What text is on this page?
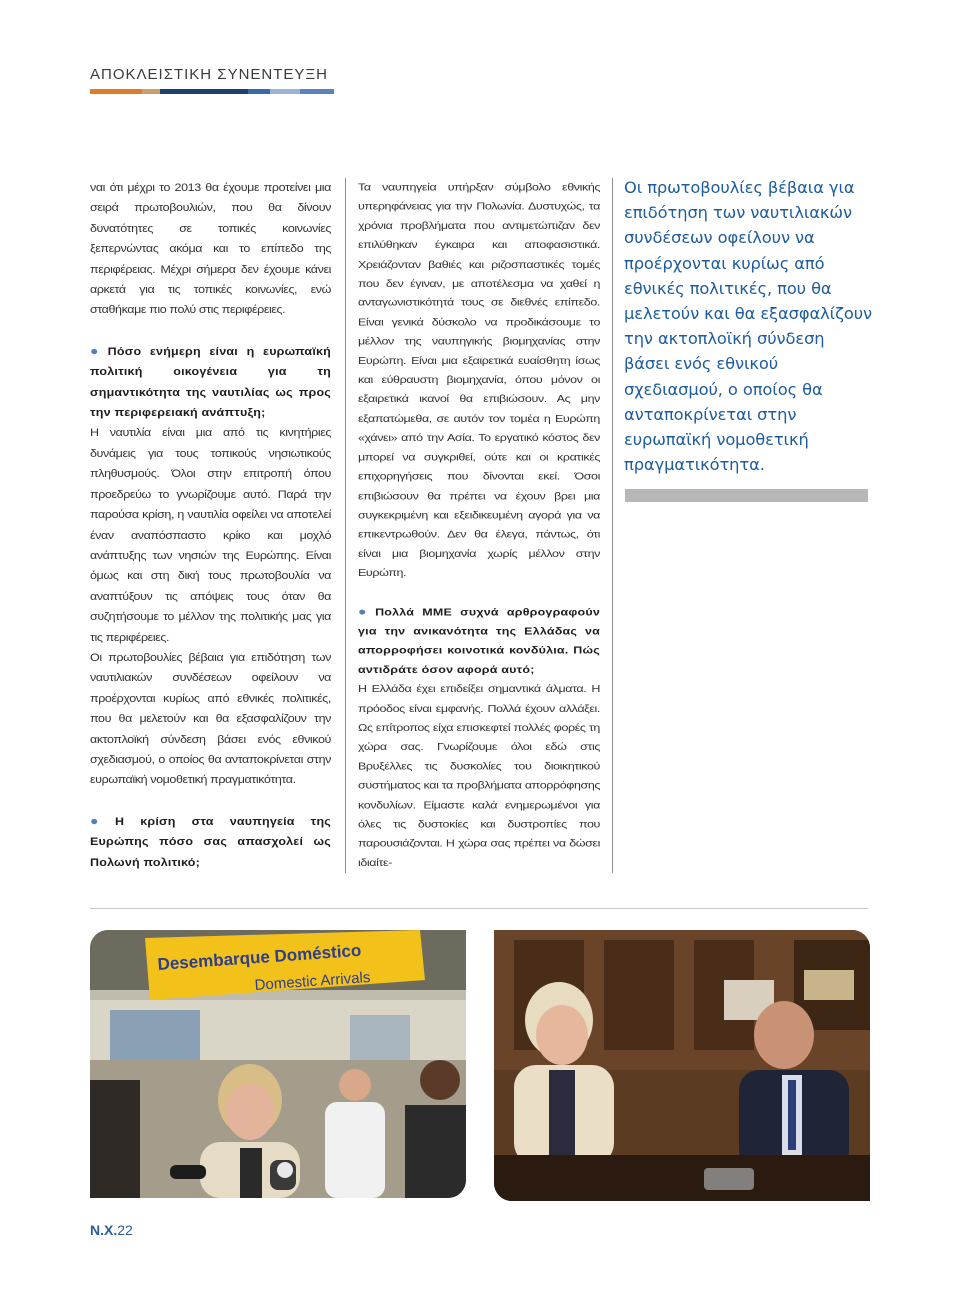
ΑΠΟΚΛΕΙΣΤΙΚΗ ΣΥΝΕΝΤΕΥΞΗ

ναι ότι μέχρι το 2013 θα έχουμε προτείνει μια σειρά πρωτοβουλιών, που θα δίνουν δυνατότητες σε τοπικές κοινωνίες ξεπερνώντας ακόμα και το επίπεδο της περιφέρειας. Μέχρι σήμερα δεν έχουμε κάνει αρκετά για τις τοπικές κοινωνίες, ενώ σταθήκαμε πιο πολύ στις περιφέρειες.

● Πόσο ενήμερη είναι η ευρωπαϊκή πολιτική οικογένεια για τη σημαντικότητα της ναυτιλίας ως προς την περιφερειακή ανάπτυξη;

Η ναυτιλία είναι μια από τις κινητήριες δυνάμεις για τους τοπικούς νησιωτικούς πληθυσμούς. Όλοι στην επιτροπή όπου προεδρεύω το γνωρίζουμε αυτό. Παρά την παρούσα κρίση, η ναυτιλία οφείλει να αποτελεί έναν αναπόσπαστο κρίκο και μοχλό ανάπτυξης των νησιών της Ευρώπης. Είναι όμως και στη δική τους πρωτοβουλία να αναπτύξουν τις απόψεις τους όταν θα συζητήσουμε το μέλλον της πολιτικής μας για τις περιφέρειες.

Οι πρωτοβουλίες βέβαια για επιδότηση των ναυτιλιακών συνδέσεων οφείλουν να προέρχονται κυρίως από εθνικές πολιτικές, που θα μελετούν και θα εξασφαλίζουν την ακτοπλοϊκή σύνδεση βάσει ενός εθνικού σχεδιασμού, ο οποίος θα ανταποκρίνεται στην ευρωπαϊκή νομοθετική πραγματικότητα.

● Η κρίση στα ναυπηγεία της Ευρώπης πόσο σας απασχολεί ως Πολωνή πολιτικό;

Τα ναυπηγεία υπήρξαν σύμβολο εθνικής υπερηφάνειας για την Πολωνία. Δυστυχώς, τα χρόνια προβλήματα που αντιμετώπιζαν δεν επιλύθηκαν έγκαιρα και αποφασιστικά. Χρειάζονταν βαθιές και ριζοσπαστικές τομές που δεν έγιναν, με αποτέλεσμα να χαθεί η ανταγωνιστικότητά τους σε διεθνές επίπεδο. Είναι γενικά δύσκολο να προδικάσουμε το μέλλον της ναυπηγικής βιομηχανίας στην Ευρώπη. Είναι μια εξαιρετικά ευαίσθητη ίσως και εύθραυστη βιομηχανία, όπου μόνον οι εξαιρετικά ικανοί θα επιβιώσουν. Ας μην εξαπατώμεθα, σε αυτόν τον τομέα η Ευρώπη «χάνει» από την Ασία. Το εργατικό κόστος δεν μπορεί να συγκριθεί, ούτε και οι κρατικές επιχορηγήσεις που δίνονται εκεί. Όσοι επιβιώσουν θα πρέπει να έχουν βρει μια συγκεκριμένη και εξειδικευμένη αγορά για να επικεντρωθούν. Δεν θα έλεγα, πάντως, ότι είναι μια βιομηχανία χωρίς μέλλον στην Ευρώπη.

● Πολλά ΜΜΕ συχνά αρθρογραφούν για την ανικανότητα της Ελλάδας να απορροφήσει κοινοτικά κονδύλια. Πώς αντιδράτε όσον αφορά αυτό;

Η Ελλάδα έχει επιδείξει σημαντικά άλματα. Η πρόοδος είναι εμφανής. Πολλά έχουν αλλάξει. Ως επίτροπος είχα επισκεφτεί πολλές φορές τη χώρα σας. Γνωρίζουμε όλοι εδώ στις Βρυξέλλες τις δυσκολίες του διοικητικού συστήματος και τα προβλήματα απορρόφησης κονδυλίων. Είμαστε καλά ενημερωμένοι για όλες τις δυστοκίες και δυστροπίες που παρουσιάζονται. Η χώρα σας πρέπει να δώσει ιδιαίτε-

Οι πρωτοβουλίες βέβαια για επιδότηση των ναυτιλιακών συνδέσεων οφείλουν να προέρχονται κυρίως από εθνικές πολιτικές, που θα μελετούν και θα εξασφαλίζουν την ακτοπλοϊκή σύνδεση βάσει ενός εθνικού σχεδιασμού, ο οποίος θα ανταποκρίνεται στην ευρωπαϊκή νομοθετική πραγματικότητα.
Desembarque Doméstico
Domestic Arrivals
N.X.22
